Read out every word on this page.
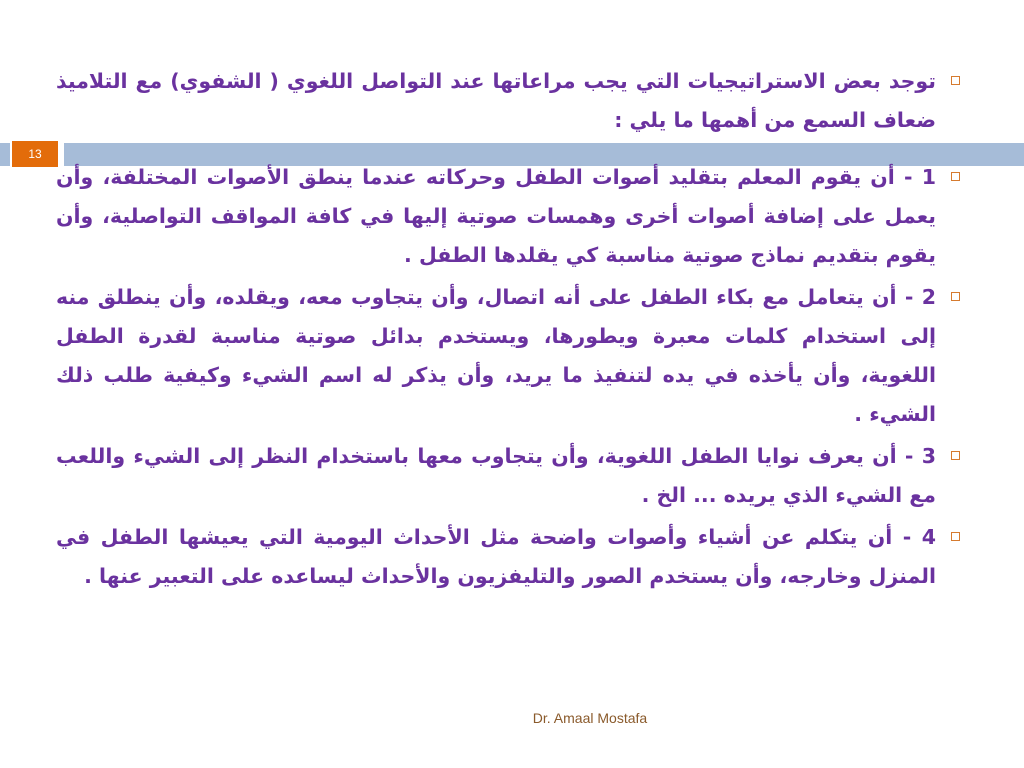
13
توجد بعض الاستراتيجيات التي يجب مراعاتها عند التواصل اللغوي ( الشفوي) مع التلاميذ ضعاف السمع من أهمها ما يلي :
1 - أن يقوم المعلم بتقليد أصوات الطفل وحركاته عندما ينطق الأصوات المختلفة، وأن يعمل على إضافة أصوات أخرى وهمسات صوتية إليها في كافة المواقف التواصلية، وأن يقوم بتقديم نماذج صوتية مناسبة كي يقلدها الطفل .
2 - أن يتعامل مع بكاء الطفل على أنه اتصال، وأن يتجاوب معه، ويقلده، وأن ينطلق منه إلى استخدام كلمات معبرة ويطورها، ويستخدم بدائل صوتية مناسبة لقدرة الطفل اللغوية، وأن يأخذه في يده لتنفيذ ما يريد، وأن يذكر له اسم الشيء وكيفية طلب ذلك الشيء .
3 - أن يعرف نوايا الطفل اللغوية، وأن يتجاوب معها باستخدام النظر إلى الشيء واللعب مع الشيء الذي يريده ... الخ .
4 - أن يتكلم عن أشياء وأصوات واضحة مثل الأحداث اليومية التي يعيشها الطفل في المنزل وخارجه، وأن يستخدم الصور والتليفزيون والأحداث ليساعده على التعبير عنها .
Dr. Amaal Mostafa
